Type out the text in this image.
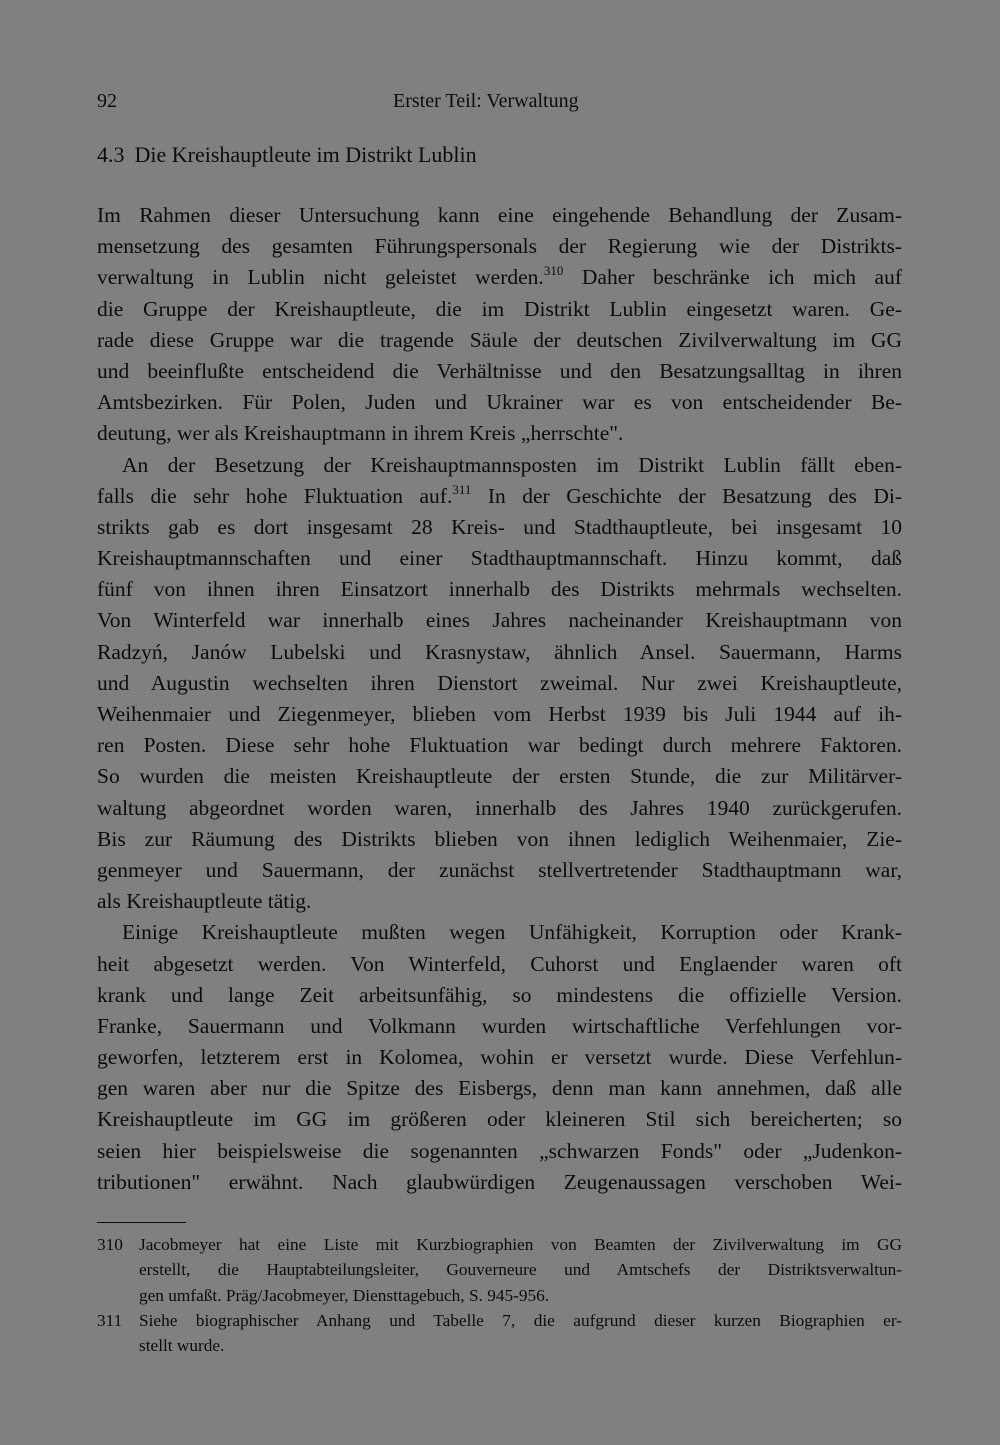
92	Erster Teil: Verwaltung
4.3 Die Kreishauptleute im Distrikt Lublin
Im Rahmen dieser Untersuchung kann eine eingehende Behandlung der Zusam-
mensetzung des gesamten Führungspersonals der Regierung wie der Distrikts-
verwaltung in Lublin nicht geleistet werden.$^{310}$ Daher beschränke ich mich auf
die Gruppe der Kreishauptleute, die im Distrikt Lublin eingesetzt waren. Ge-
rade diese Gruppe war die tragende Säule der deutschen Zivilverwaltung im GG
und beeinflußte entscheidend die Verhältnisse und den Besatzungsalltag in ihren
Amtsbezirken. Für Polen, Juden und Ukrainer war es von entscheidender Be-
deutung, wer als Kreishauptmann in ihrem Kreis „herrschte".
An der Besetzung der Kreishauptmannsposten im Distrikt Lublin fällt eben-
falls die sehr hohe Fluktuation auf.$^{311}$ In der Geschichte der Besatzung des Di-
strikts gab es dort insgesamt 28 Kreis- und Stadthauptleute, bei insgesamt 10
Kreishauptmannschaften und einer Stadthauptmannschaft. Hinzu kommt, daß
fünf von ihnen ihren Einsatzort innerhalb des Distrikts mehrmals wechselten.
Von Winterfeld war innerhalb eines Jahres nacheinander Kreishauptmann von
Radzyń, Janów Lubelski und Krasnystaw, ähnlich Ansel. Sauermann, Harms
und Augustin wechselten ihren Dienstort zweimal. Nur zwei Kreishauptleute,
Weihenmaier und Ziegenmeyer, blieben vom Herbst 1939 bis Juli 1944 auf ih-
ren Posten. Diese sehr hohe Fluktuation war bedingt durch mehrere Faktoren.
So wurden die meisten Kreishauptleute der ersten Stunde, die zur Militärver-
waltung abgeordnet worden waren, innerhalb des Jahres 1940 zurückgerufen.
Bis zur Räumung des Distrikts blieben von ihnen lediglich Weihenmaier, Zie-
genmeyer und Sauermann, der zunächst stellvertretender Stadthauptmann war,
als Kreishauptleute tätig.
Einige Kreishauptleute mußten wegen Unfähigkeit, Korruption oder Krank-
heit abgesetzt werden. Von Winterfeld, Cuhorst und Englaender waren oft
krank und lange Zeit arbeitsunfähig, so mindestens die offizielle Version.
Franke, Sauermann und Volkmann wurden wirtschaftliche Verfehlungen vor-
geworfen, letzterem erst in Kolomea, wohin er versetzt wurde. Diese Verfehlun-
gen waren aber nur die Spitze des Eisbergs, denn man kann annehmen, daß alle
Kreishauptleute im GG im größeren oder kleineren Stil sich bereicherten; so
seien hier beispielsweise die sogenannten „schwarzen Fonds" oder „Judenkon-
tributionen" erwähnt. Nach glaubwürdigen Zeugenaussagen verschoben Wei-
310 Jacobmeyer hat eine Liste mit Kurzbiographien von Beamten der Zivilverwaltung im GG
erstellt, die Hauptabteilungsleiter, Gouverneure und Amtschefs der Distriktsverwaltun-
gen umfaßt. Präg/Jacobmeyer, Diensttagebuch, S. 945-956.
311 Siehe biographischer Anhang und Tabelle 7, die aufgrund dieser kurzen Biographien er-
stellt wurde.
